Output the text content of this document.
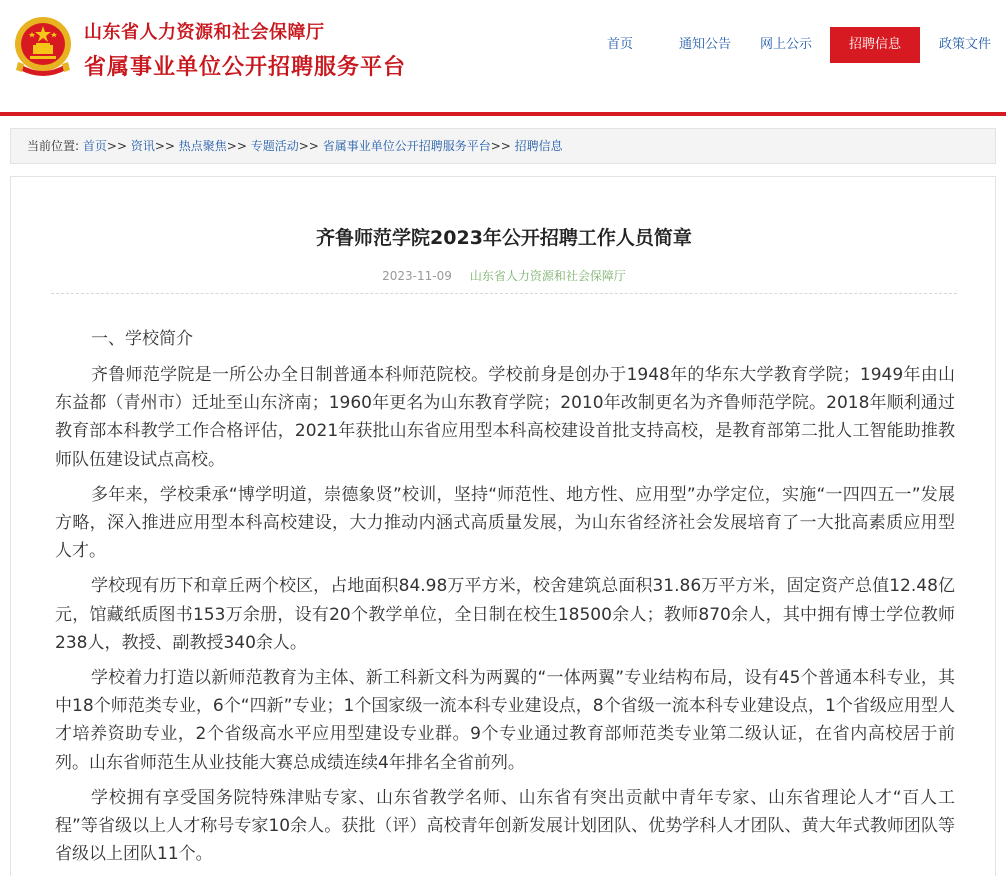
山东省人力资源和社会保障厅
省属事业单位公开招聘服务平台
首页	通知公告	网上公示	招聘信息	政策文件
当前位置: 首页>> 资讯>> 热点聚焦>> 专题活动>> 省属事业单位公开招聘服务平台>> 招聘信息
齐鲁师范学院2023年公开招聘工作人员简章
2023-11-09 山东省人力资源和社会保障厅
一、学校简介

齐鲁师范学院是一所公办全日制普通本科师范院校。学校前身是创办于1948年的华东大学教育学院；1949年由山东益都（青州市）迁址至山东济南；1960年更名为山东教育学院；2010年改制更名为齐鲁师范学院。2018年顺利通过教育部本科教学工作合格评估，2021年获批山东省应用型本科高校建设首批支持高校，是教育部第二批人工智能助推教师队伍建设试点高校。

多年来，学校秉承“博学明道，崇德象贤”校训，坚持“师范性、地方性、应用型”办学定位，实施“一四四五一”发展方略，深入推进应用型本科高校建设，大力推动内涵式高质量发展，为山东省经济社会发展培育了一大批高素质应用型人才。

学校现有历下和章丘两个校区，占地面积84.98万平方米，校舍建筑总面积31.86万平方米，固定资产总值12.48亿元，馆藏纸质图书153万余册，设有20个教学单位，全日制在校生18500余人；教师870余人，其中拥有博士学位教师238人，教授、副教授340余人。

学校着力打造以新师范教育为主体、新工科新文科为两翼的“一体两翼”专业结构布局，设有45个普通本科专业，其中18个师范类专业，6个“四新”专业；1个国家级一流本科专业建设点，8个省级一流本科专业建设点，1个省级应用型人才培养资助专业，2个省级高水平应用型建设专业群。9个专业通过教育部师范类专业第二级认证，在省内高校居于前列。山东省师范生从业技能大赛总成绩连续4年排名全省前列。

学校拥有享受国务院特殊津贴专家、山东省教学名师、山东省有突出贡献中青年专家、山东省理论人才“百人工程”等省级以上人才称号专家10余人。获批（评）高校青年创新发展计划团队、优势学科人才团队、黄大年式教师团队等省级以上团队11个。
